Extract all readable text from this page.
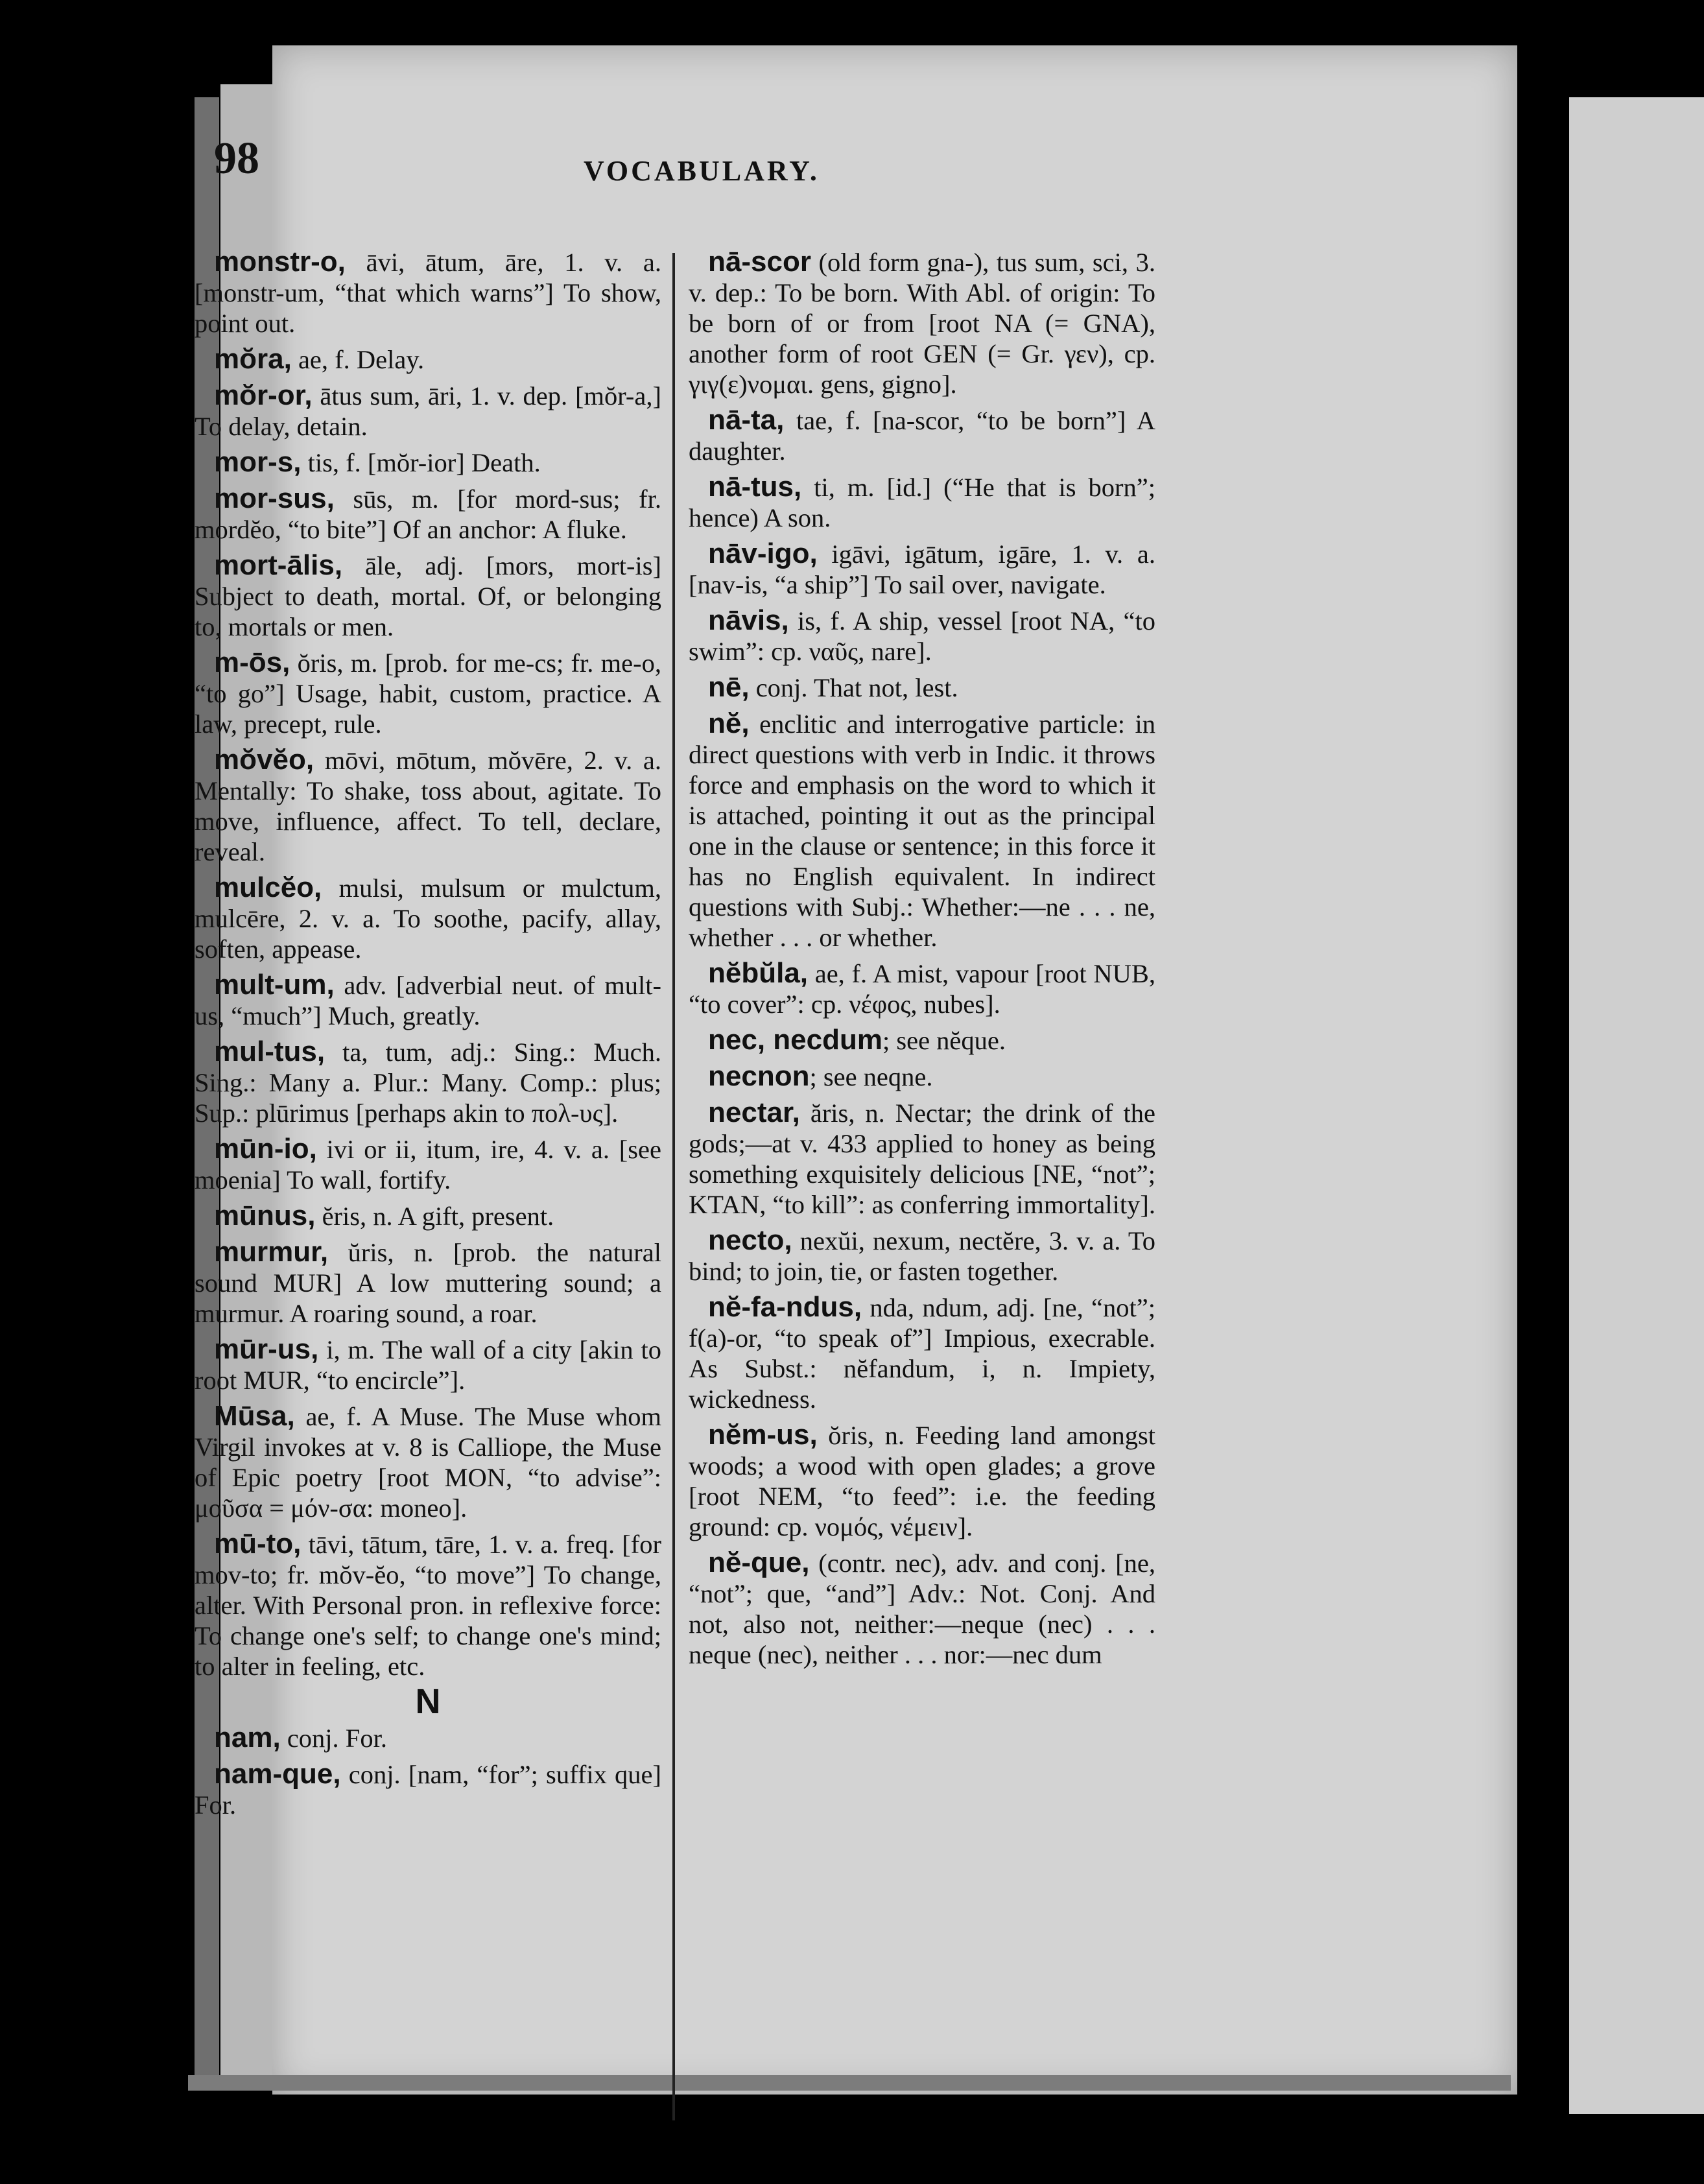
98	VOCABULARY.
monstr-o, āvi, ātum, āre, 1. v. a. [monstr-um, “that which warns”] To show, point out.
mŏra, ae, f. Delay.
mŏr-or, ātus sum, āri, 1. v. dep. [mŏr-a,] To delay, detain.
mor-s, tis, f. [mŏr-ior] Death.
mor-sus, sūs, m. [for mord-sus; fr. mordĕo, “to bite”] Of an anchor: A fluke.
mort-ālis, āle, adj. [mors, mort-is] Subject to death, mortal. Of, or belonging to, mortals or men.
m-ōs, ŏris, m. [prob. for me-cs; fr. me-o, “to go”] Usage, habit, custom, practice. A law, precept, rule.
mŏvĕo, mōvi, mōtum, mŏvēre, 2. v. a. Mentally: To shake, toss about, agitate. To move, influence, affect. To tell, declare, reveal.
mulcĕo, mulsi, mulsum or mulctum, mulcēre, 2. v. a. To soothe, pacify, allay, soften, appease.
mult-um, adv. [adverbial neut. of mult-us, “much”] Much, greatly.
mul-tus, ta, tum, adj.: Sing.: Much. Sing.: Many a. Plur.: Many. Comp.: plus; Sup.: plūrimus [perhaps akin to πολ-υς].
mūn-io, ivi or ii, itum, ire, 4. v. a. [see moenia] To wall, fortify.
mūnus, ĕris, n. A gift, present.
murmur, ŭris, n. [prob. the natural sound MUR] A low muttering sound; a murmur. A roaring sound, a roar.
mūr-us, i, m. The wall of a city [akin to root MUR, “to encircle”].
Mūsa, ae, f. A Muse. The Muse whom Virgil invokes at v. 8 is Calliope, the Muse of Epic poetry [root MON, “to advise”: μοῦσα = μόν-σα: moneo].
mū-to, tāvi, tātum, tāre, 1. v. a. freq. [for mov-to; fr. mŏv-ĕo, “to move”] To change, alter. With Personal pron. in reflexive force: To change one's self; to change one's mind; to alter in feeling, etc.
N
nam, conj. For.
nam-que, conj. [nam, “for”; suffix que] For.
nā-scor (old form gna-), tus sum, sci, 3. v. dep.: To be born. With Abl. of origin: To be born of or from [root NA (= GNA), another form of root GEN (= Gr. γεν), cp. γιγ(ε)νομαι. gens, gigno].
nā-ta, tae, f. [na-scor, “to be born”] A daughter.
nā-tus, ti, m. [id.] (“He that is born”; hence) A son.
nāv-igo, igāvi, igātum, igāre, 1. v. a. [nav-is, “a ship”] To sail over, navigate.
nāvis, is, f. A ship, vessel [root NA, “to swim”: cp. ναῦς, nare].
nē, conj. That not, lest.
nĕ, enclitic and interrogative particle: in direct questions with verb in Indic. it throws force and emphasis on the word to which it is attached, pointing it out as the principal one in the clause or sentence; in this force it has no English equivalent. In indirect questions with Subj.: Whether:—ne . . . ne, whether . . . or whether.
nĕbŭla, ae, f. A mist, vapour [root NUB, “to cover”: cp. νέφος, nubes].
nec, necdum; see nĕque.
necnon; see neqne.
nectar, ăris, n. Nectar; the drink of the gods;—at v. 433 applied to honey as being something exquisitely delicious [NE, “not”; KTAN, “to kill”: as conferring immortality].
necto, nexŭi, nexum, nectĕre, 3. v. a. To bind; to join, tie, or fasten together.
nĕ-fa-ndus, nda, ndum, adj. [ne, “not”; f(a)-or, “to speak of”] Impious, execrable. As Subst.: nĕfandum, i, n. Impiety, wickedness.
nĕm-us, ŏris, n. Feeding land amongst woods; a wood with open glades; a grove [root NEM, “to feed”: i.e. the feeding ground: cp. νομός, νέμειν].
nĕ-que, (contr. nec), adv. and conj. [ne, “not”; que, “and”] Adv.: Not. Conj. And not, also not, neither:—neque (nec) . . . neque (nec), neither . . . nor:—nec dum
